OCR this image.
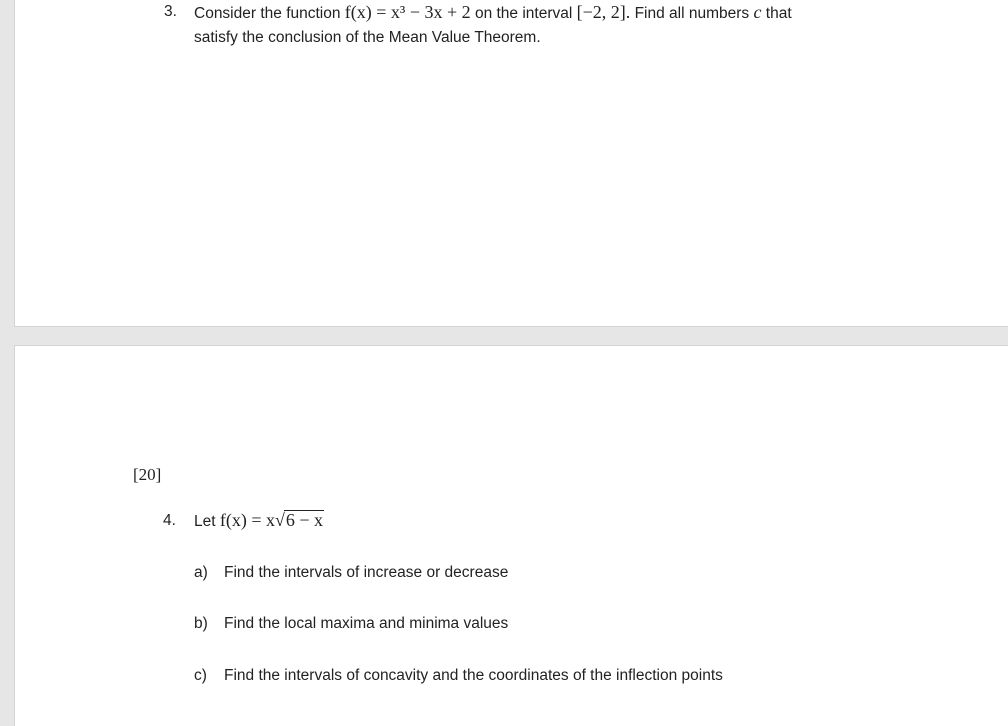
3. Consider the function f(x) = x³ − 3x + 2 on the interval [−2, 2]. Find all numbers c that
satisfy the conclusion of the Mean Value Theorem.
[20]
4. Let f(x) = x√6 − x
a) Find the intervals of increase or decrease
b) Find the local maxima and minima values
c) Find the intervals of concavity and the coordinates of the inflection points
